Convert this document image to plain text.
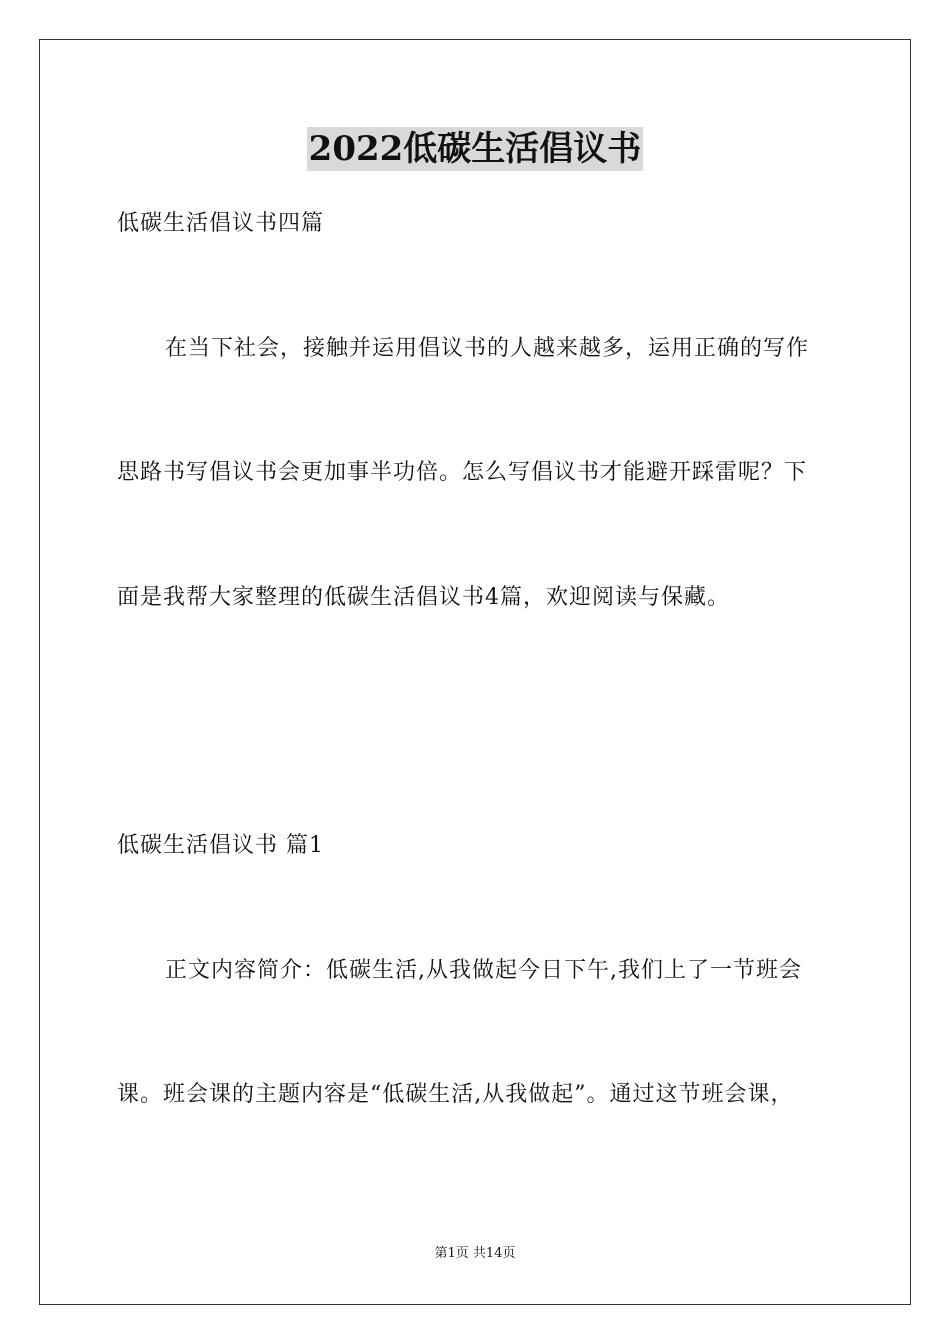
2022低碳生活倡议书
低碳生活倡议书四篇
在当下社会，接触并运用倡议书的人越来越多，运用正确的写作
思路书写倡议书会更加事半功倍。怎么写倡议书才能避开踩雷呢？下
面是我帮大家整理的低碳生活倡议书4篇，欢迎阅读与保藏。
低碳生活倡议书 篇1
正文内容简介：低碳生活,从我做起今日下午,我们上了一节班会
课。班会课的主题内容是“低碳生活,从我做起”。通过这节班会课，
第1页 共14页
